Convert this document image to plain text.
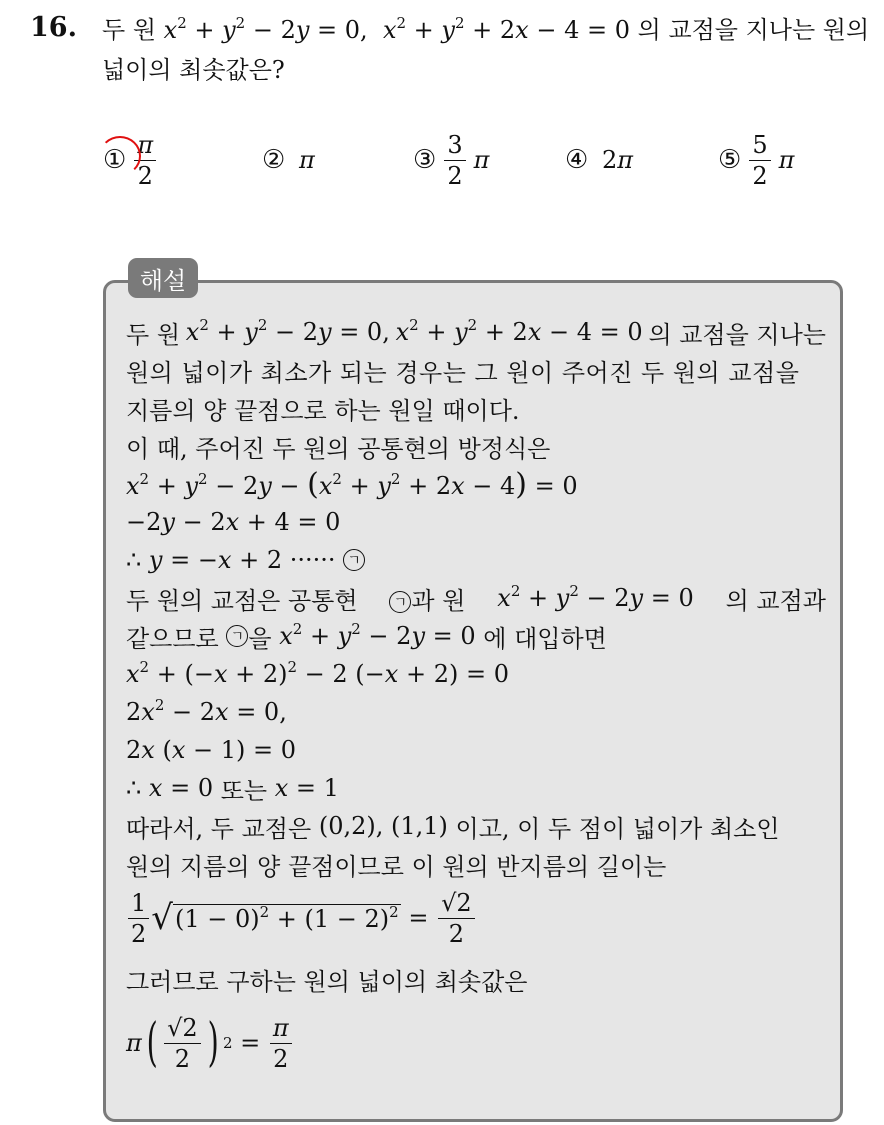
16. 두 원 $x^2 + y^2 - 2y = 0$,  $x^2 + y^2 + 2x - 4 = 0$ 의 교점을 지나는 원의
넓이의 최솟값은?
① $\frac{\pi}{2}$	② π	③ $\frac{3}{2}$ π	④ 2π	⑤ $\frac{5}{2}$ π
해설
두 원 $x^2 + y^2 - 2y = 0$, $x^2 + y^2 + 2x - 4 = 0$ 의 교점을 지나는
원의 넓이가 최소가 되는 경우는 그 원이 주어진 두 원의 교점을
지름의 양 끝점으로 하는 원일 때이다.
이 때, 주어진 두 원의 공통현의 방정식은
$x^2 + y^2 - 2y - (x^2 + y^2 + 2x - 4) = 0$
−2y − 2x + 4 = 0
∴ y = −x + 2 ······ ㄱ
두 원의 교점은 공통현	ㄱ 과 원 $x^2 + y^2 - 2y = 0$ 의 교점과
같으므로
ㄱ 을
$x^2 + y^2 - 2y = 0$
에 대입하면
$x^2 + (-x + 2)^2 - 2$ (−x + 2) = 0
$2x^2 - 2x = 0$,
2x (x − 1) = 0
∴ x = 0 또는 x = 1
따라서, 두 교점은
(0,2), (1,1)
이고, 이 두 점이 넓이가 최소인
원의 지름의 양 끝점이므로 이 원의 반지름의 길이는
$\frac{1}{2}$ √ $(1 - 0)^2 + (1 - 2)^2 = \frac{√2}{2}$
그러므로 구하는 원의 넓이의 최솟값은
π ( $\frac{√2}{2}$ ) $2 = \frac{\pi}{2}$
